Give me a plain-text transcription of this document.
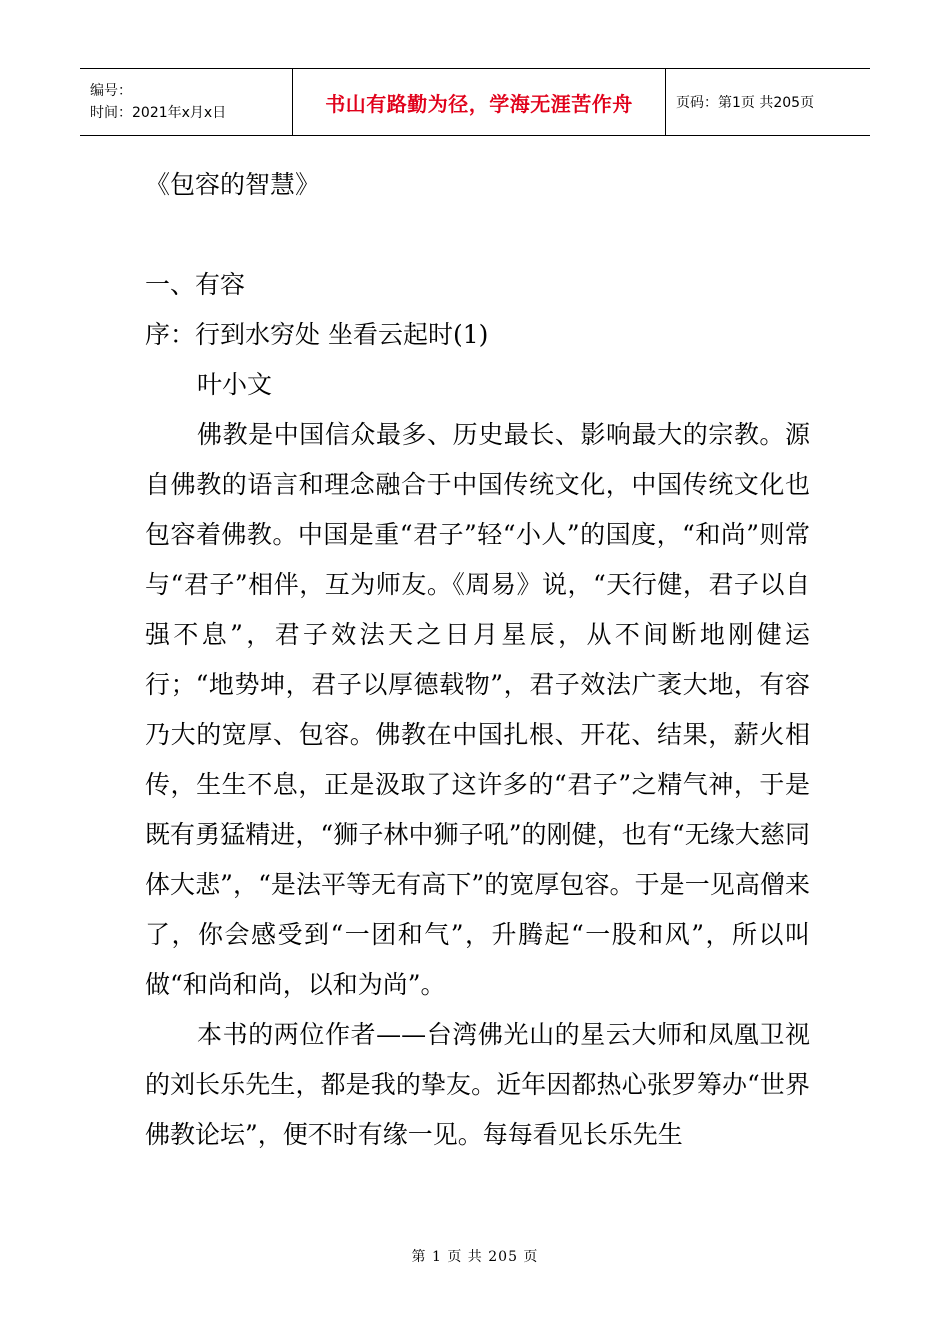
编号：
时间：2021年x月x日	书山有路勤为径，学海无涯苦作舟	页码：第1页 共205页
《包容的智慧》
一、有容
序：行到水穷处 坐看云起时(1)
叶小文
佛教是中国信众最多、历史最长、影响最大的宗教。源自佛教的语言和理念融合于中国传统文化，中国传统文化也包容着佛教。中国是重“君子”轻“小人”的国度，“和尚”则常与“君子”相伴，互为师友。《周易》说，“天行健，君子以自强不息”，君子效法天之日月星辰，从不间断地刚健运行；“地势坤，君子以厚德载物”，君子效法广袤大地，有容乃大的宽厚、包容。佛教在中国扎根、开花、结果，薪火相传，生生不息，正是汲取了这许多的“君子”之精气神，于是既有勇猛精进，“狮子林中狮子吼”的刚健，也有“无缘大慈同体大悲”，“是法平等无有高下”的宽厚包容。于是一见高僧来了，你会感受到“一团和气”，升腾起“一股和风”，所以叫做“和尚和尚，以和为尚”。
本书的两位作者——台湾佛光山的星云大师和凤凰卫视的刘长乐先生，都是我的挚友。近年因都热心张罗筹办“世界佛教论坛”，便不时有缘一见。每每看见长乐先生
第 1 页 共 205 页
